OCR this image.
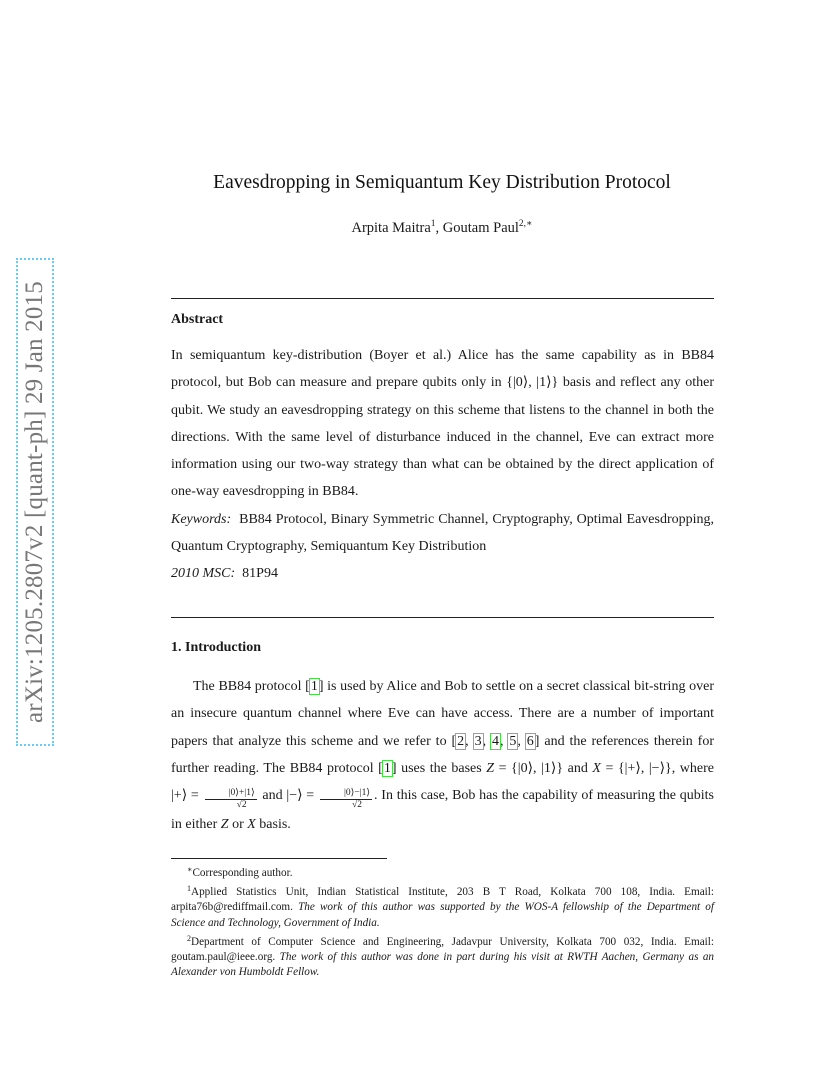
arXiv:1205.2807v2 [quant-ph] 29 Jan 2015
Eavesdropping in Semiquantum Key Distribution Protocol
Arpita Maitra$^1$, Goutam Paul$^{2,∗}$
Abstract

In semiquantum key-distribution (Boyer et al.) Alice has the same capability as in BB84 protocol, but Bob can measure and prepare qubits only in {|0⟩, |1⟩} basis and reflect any other qubit. We study an eavesdropping strategy on this scheme that listens to the channel in both the directions. With the same level of disturbance induced in the channel, Eve can extract more information using our two-way strategy than what can be obtained by the direct application of one-way eavesdropping in BB84.

Keywords: BB84 Protocol, Binary Symmetric Channel, Cryptography, Optimal Eavesdropping, Quantum Cryptography, Semiquantum Key Distribution

2010 MSC: 81P94

1. Introduction

The BB84 protocol [1] is used by Alice and Bob to settle on a secret classical bit-string over an insecure quantum channel where Eve can have access. There are a number of important papers that analyze this scheme and we refer to [2, 3, 4, 5, 6] and the references therein for further reading. The BB84 protocol [1] uses the bases Z = {|0⟩, |1⟩} and X = {|+⟩, |−⟩}, where |+⟩ = $\frac{|0⟩+|1⟩}{√2}$ and |−⟩ = $\frac{|0⟩-|1⟩}{√2}$ . In this case, Bob has the capability of measuring the qubits in either Z or X basis.

∗Corresponding author.

$^1$Applied Statistics Unit, Indian Statistical Institute, 203 B T Road, Kolkata 700 108, India. Email: arpita76b@rediffmail.com. The work of this author was supported by the WOS-A fellowship of the Department of Science and Technology, Government of India.

$^2$Department of Computer Science and Engineering, Jadavpur University, Kolkata 700 032, India. Email: goutam.paul@ieee.org. The work of this author was done in part during his visit at RWTH Aachen, Germany as an Alexander von Humboldt Fellow.
